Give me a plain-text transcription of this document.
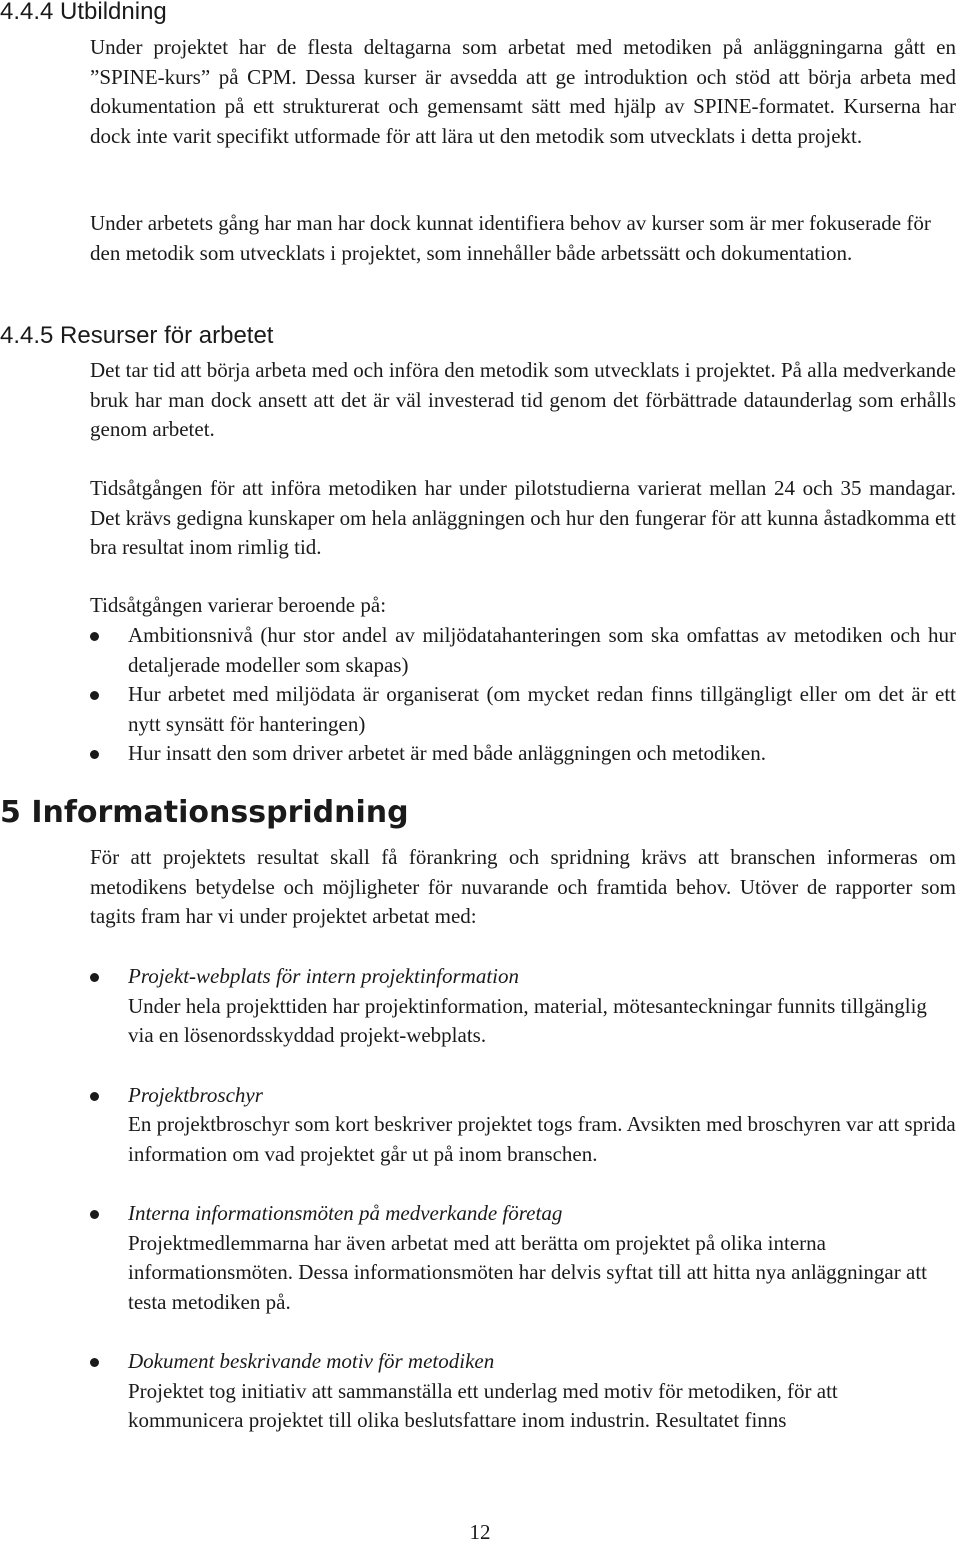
4.4.4 Utbildning

Under projektet har de flesta deltagarna som arbetat med metodiken på anläggningarna gått en ”SPINE-kurs” på CPM. Dessa kurser är avsedda att ge introduktion och stöd att börja arbeta med dokumentation på ett strukturerat och gemensamt sätt med hjälp av SPINE-formatet. Kurserna har dock inte varit specifikt utformade för att lära ut den metodik som utvecklats i detta projekt.

Under arbetets gång har man har dock kunnat identifiera behov av kurser som är mer fokuserade för den metodik som utvecklats i projektet, som innehåller både arbetssätt och dokumentation.

4.4.5 Resurser för arbetet

Det tar tid att börja arbeta med och införa den metodik som utvecklats i projektet. På alla medverkande bruk har man dock ansett att det är väl investerad tid genom det förbättrade dataunderlag som erhålls genom arbetet.

Tidsåtgången för att införa metodiken har under pilotstudierna varierat mellan 24 och 35 mandagar. Det krävs gedigna kunskaper om hela anläggningen och hur den fungerar för att kunna åstadkomma ett bra resultat inom rimlig tid.

Tidsåtgången varierar beroende på:

Ambitionsnivå (hur stor andel av miljödatahanteringen som ska omfattas av metodiken och hur detaljerade modeller som skapas)
Hur arbetet med miljödata är organiserat (om mycket redan finns tillgängligt eller om det är ett nytt synsätt för hanteringen)
Hur insatt den som driver arbetet är med både anläggningen och metodiken.
5 Informationsspridning

För att projektets resultat skall få förankring och spridning krävs att branschen informeras om metodikens betydelse och möjligheter för nuvarande och framtida behov. Utöver de rapporter som tagits fram har vi under projektet arbetat med:

Projekt-webplats för intern projektinformation
Under hela projekttiden har projektinformation, material, mötesanteckningar funnits tillgänglig via en lösenordsskyddad projekt-webplats.
Projektbroschyr
En projektbroschyr som kort beskriver projektet togs fram. Avsikten med broschyren var att sprida information om vad projektet går ut på inom branschen.
Interna informationsmöten på medverkande företag
Projektmedlemmarna har även arbetat med att berätta om projektet på olika interna informationsmöten. Dessa informationsmöten har delvis syftat till att hitta nya anläggningar att testa metodiken på.
Dokument beskrivande motiv för metodiken
Projektet tog initiativ att sammanställa ett underlag med motiv för metodiken, för att kommunicera projektet till olika beslutsfattare inom industrin. Resultatet finns
12
